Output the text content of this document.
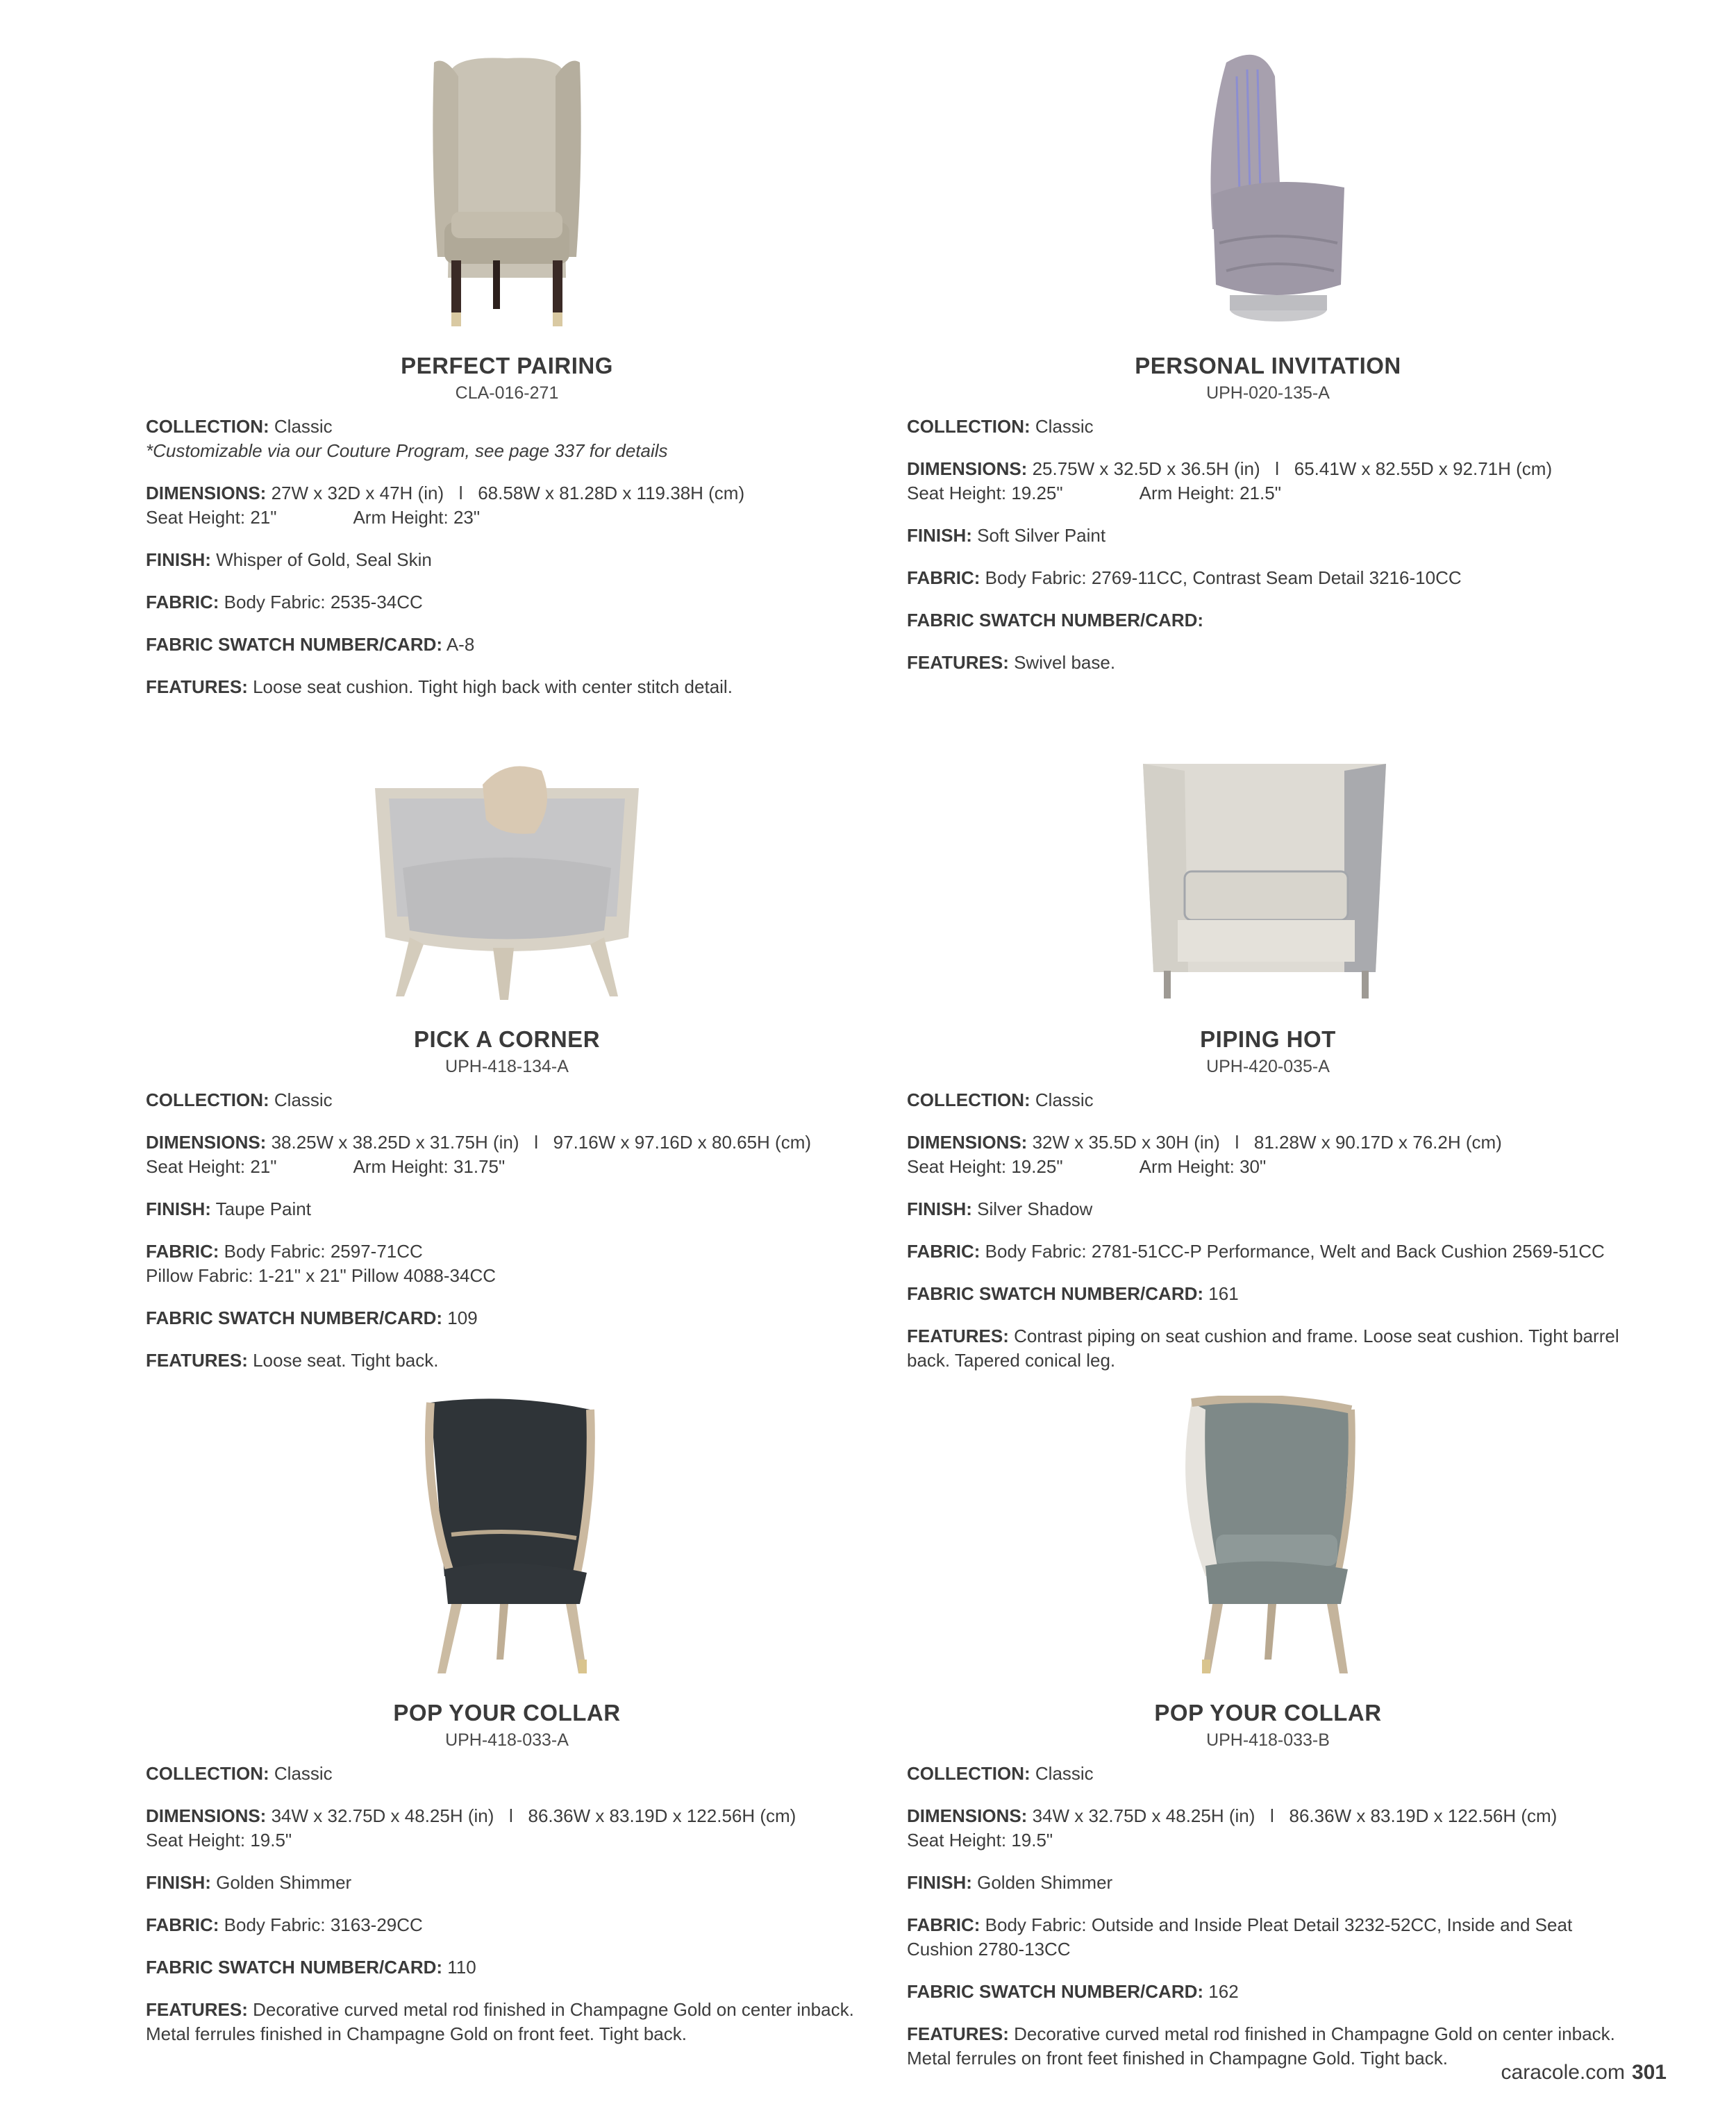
PERFECT PAIRING
CLA-016-271
COLLECTION: Classic
*Customizable via our Couture Program, see page 337 for details
DIMENSIONS: 27W x 32D x 47H (in)   l   68.58W x 81.28D x 119.38H (cm)
Seat Height: 21"	Arm Height: 23"
FINISH: Whisper of Gold, Seal Skin
FABRIC: Body Fabric: 2535-34CC
FABRIC SWATCH NUMBER/CARD: A-8
FEATURES: Loose seat cushion. Tight high back with center stitch detail.
PERSONAL INVITATION
UPH-020-135-A
COLLECTION: Classic
DIMENSIONS: 25.75W x 32.5D x 36.5H (in)   l   65.41W x 82.55D x 92.71H (cm)
Seat Height: 19.25"	Arm Height: 21.5"
FINISH: Soft Silver Paint
FABRIC: Body Fabric: 2769-11CC, Contrast Seam Detail 3216-10CC
FABRIC SWATCH NUMBER/CARD:
FEATURES: Swivel base.
PICK A CORNER
UPH-418-134-A
COLLECTION: Classic
DIMENSIONS: 38.25W x 38.25D x 31.75H (in)   l   97.16W x 97.16D x 80.65H (cm)
Seat Height: 21"	Arm Height: 31.75"
FINISH: Taupe Paint
FABRIC: Body Fabric: 2597-71CC
Pillow Fabric: 1-21" x 21" Pillow 4088-34CC
FABRIC SWATCH NUMBER/CARD: 109
FEATURES: Loose seat. Tight back.
PIPING HOT
UPH-420-035-A
COLLECTION: Classic
DIMENSIONS: 32W x 35.5D x 30H (in)   l   81.28W x 90.17D x 76.2H (cm)
Seat Height: 19.25"	Arm Height: 30"
FINISH: Silver Shadow
FABRIC: Body Fabric: 2781-51CC-P Performance, Welt and Back Cushion 2569-51CC
FABRIC SWATCH NUMBER/CARD: 161
FEATURES: Contrast piping on seat cushion and frame. Loose seat cushion. Tight barrel back. Tapered conical leg.
POP YOUR COLLAR
UPH-418-033-A
COLLECTION: Classic
DIMENSIONS: 34W x 32.75D x 48.25H (in)   l   86.36W x 83.19D x 122.56H (cm)
Seat Height: 19.5"
FINISH: Golden Shimmer
FABRIC: Body Fabric: 3163-29CC
FABRIC SWATCH NUMBER/CARD: 110
FEATURES: Decorative curved metal rod finished in Champagne Gold on center inback. Metal ferrules finished in Champagne Gold on front feet. Tight back.
POP YOUR COLLAR
UPH-418-033-B
COLLECTION: Classic
DIMENSIONS: 34W x 32.75D x 48.25H (in)   l   86.36W x 83.19D x 122.56H (cm)
Seat Height: 19.5"
FINISH: Golden Shimmer
FABRIC: Body Fabric: Outside and Inside Pleat Detail 3232-52CC, Inside and Seat Cushion 2780-13CC
FABRIC SWATCH NUMBER/CARD: 162
FEATURES: Decorative curved metal rod finished in Champagne Gold on center inback. Metal ferrules on front feet finished in Champagne Gold. Tight back.
caracole.com 301
